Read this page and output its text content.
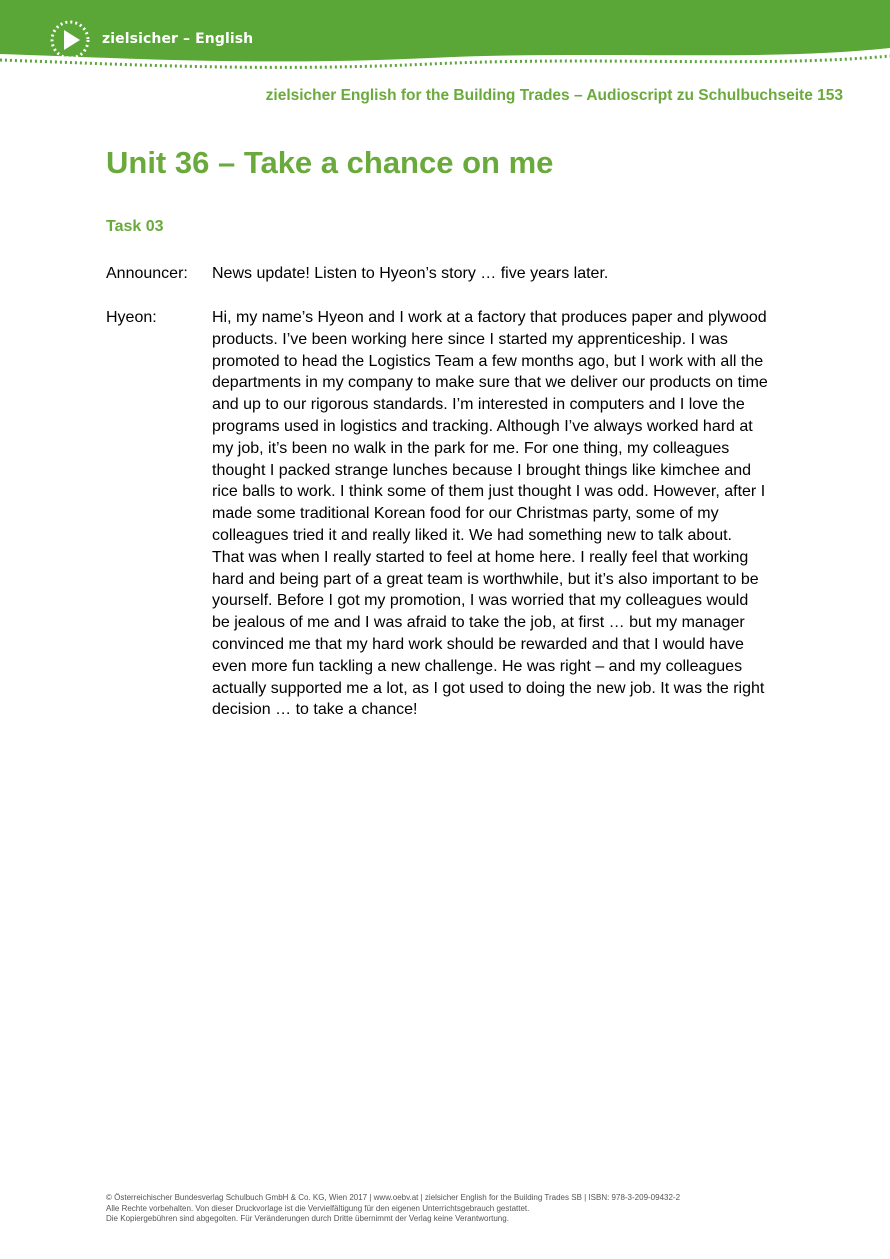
zielsicher – English
zielsicher English for the Building Trades – Audioscript zu Schulbuchseite 153
Unit 36 – Take a chance on me
Task 03
Announcer:	News update! Listen to Hyeon’s story … five years later.
Hyeon:	Hi, my name’s Hyeon and I work at a factory that produces paper and plywood
products. I’ve been working here since I started my apprenticeship. I was
promoted to head the Logistics Team a few months ago, but I work with all the
departments in my company to make sure that we deliver our products on time
and up to our rigorous standards. I’m interested in computers and I love the
programs used in logistics and tracking. Although I’ve always worked hard at
my job, it’s been no walk in the park for me. For one thing, my colleagues
thought I packed strange lunches because I brought things like kimchee and
rice balls to work. I think some of them just thought I was odd. However, after I
made some traditional Korean food for our Christmas party, some of my
colleagues tried it and really liked it. We had something new to talk about.
That was when I really started to feel at home here. I really feel that working
hard and being part of a great team is worthwhile, but it’s also important to be
yourself. Before I got my promotion, I was worried that my colleagues would
be jealous of me and I was afraid to take the job, at first … but my manager
convinced me that my hard work should be rewarded and that I would have
even more fun tackling a new challenge. He was right – and my colleagues
actually supported me a lot, as I got used to doing the new job. It was the right
decision … to take a chance!
© Österreichischer Bundesverlag Schulbuch GmbH & Co. KG, Wien 2017 | www.oebv.at | zielsicher English for the Building Trades SB | ISBN: 978-3-209-09432-2
Alle Rechte vorbehalten. Von dieser Druckvorlage ist die Vervielfältigung für den eigenen Unterrichtsgebrauch gestattet.
Die Kopiergebühren sind abgegolten. Für Veränderungen durch Dritte übernimmt der Verlag keine Verantwortung.
